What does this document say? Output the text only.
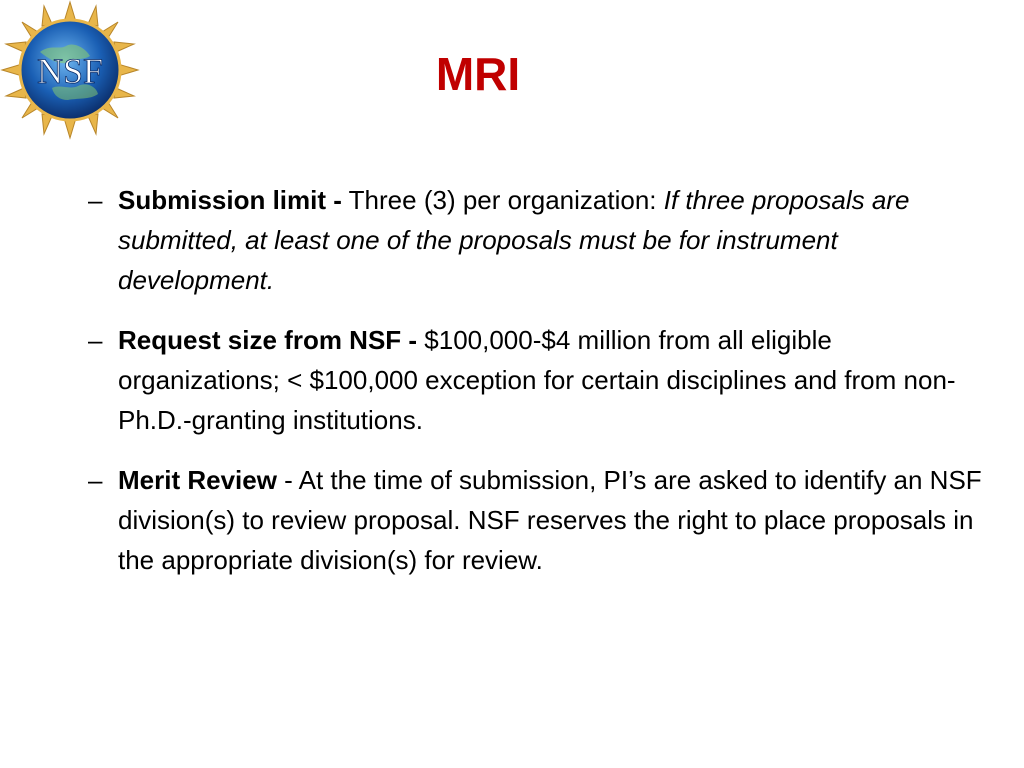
NSF	MRI
– Submission limit - Three (3) per organization: If three proposals are submitted, at least one of the proposals must be for instrument development.
– Request size from NSF - $100,000-$4 million from all eligible organizations; < $100,000 exception for certain disciplines and from non-Ph.D.-granting institutions.
– Merit Review - At the time of submission, PI’s are asked to identify an NSF division(s) to review proposal. NSF reserves the right to place proposals in the appropriate division(s) for review.
